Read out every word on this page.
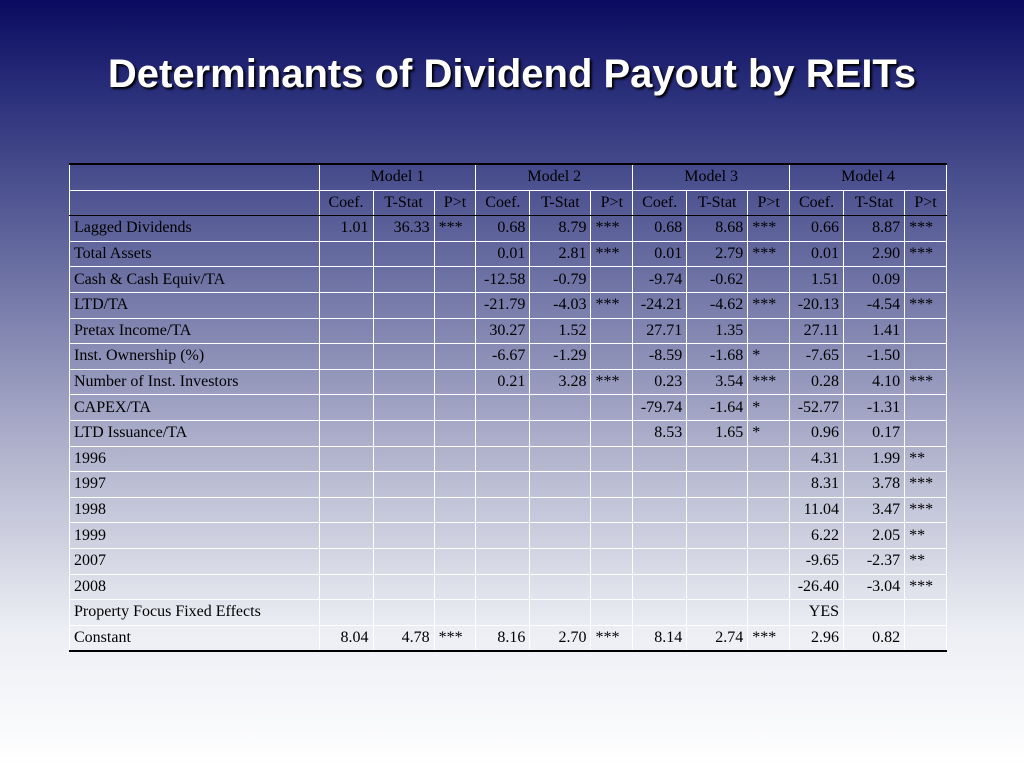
Determinants of Dividend Payout by REITs
	Model 1			Model 2			Model 3			Model 4		
	Coef.	T-Stat	P>t	Coef.	T-Stat	P>t	Coef.	T-Stat	P>t	Coef.	T-Stat	P>t
Lagged Dividends	1.01	36.33	***	0.68	8.79	***	0.68	8.68	***	0.66	8.87	***
Total Assets				0.01	2.81	***	0.01	2.79	***	0.01	2.90	***
Cash & Cash Equiv/TA				-12.58	-0.79		-9.74	-0.62		1.51	0.09	
LTD/TA				-21.79	-4.03	***	-24.21	-4.62	***	-20.13	-4.54	***
Pretax Income/TA				30.27	1.52		27.71	1.35		27.11	1.41	
Inst. Ownership (%)				-6.67	-1.29		-8.59	-1.68	*	-7.65	-1.50	
Number of Inst. Investors				0.21	3.28	***	0.23	3.54	***	0.28	4.10	***
CAPEX/TA							-79.74	-1.64	*	-52.77	-1.31	
LTD Issuance/TA							8.53	1.65	*	0.96	0.17	
1996										4.31	1.99	**
1997										8.31	3.78	***
1998										11.04	3.47	***
1999										6.22	2.05	**
2007										-9.65	-2.37	**
2008										-26.40	-3.04	***
Property Focus Fixed Effects										YES		
Constant	8.04	4.78	***	8.16	2.70	***	8.14	2.74	***	2.96	0.82	
